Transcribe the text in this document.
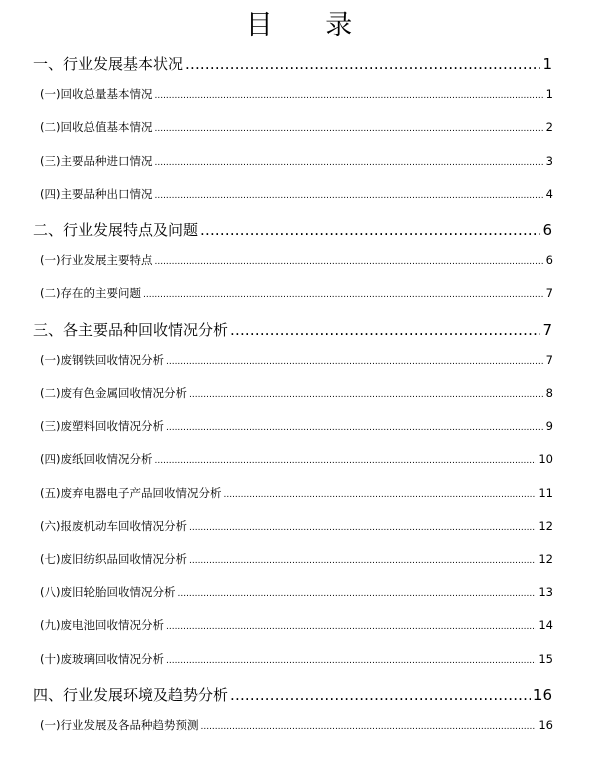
目 录
一、 行业发展基本状况 .....	1
(一) 回收总量基本情况 .....	1
(二) 回收总值基本情况 .....	2
(三) 主要品种进口情况 .....	3
(四) 主要品种出口情况 .....	4
二、 行业发展特点及问题 .....	6
(一) 行业发展主要特点 .....	6
(二) 存在的主要问题 .....	7
三、 各主要品种回收情况分析 .....	7
(一) 废钢铁回收情况分析 .....	7
(二) 废有色金属回收情况分析 .....	8
(三) 废塑料回收情况分析 .....	9
(四) 废纸回收情况分析 .....	10
(五) 废弃电器电子产品回收情况分析 .....	11
(六) 报废机动车回收情况分析 .....	12
(七) 废旧纺织品回收情况分析 .....	12
(八) 废旧轮胎回收情况分析 .....	13
(九) 废电池回收情况分析 .....	14
(十) 废玻璃回收情况分析 .....	15
四、 行业发展环境及趋势分析 .....	16
(一) 行业发展及各品种趋势预测 .....	16
